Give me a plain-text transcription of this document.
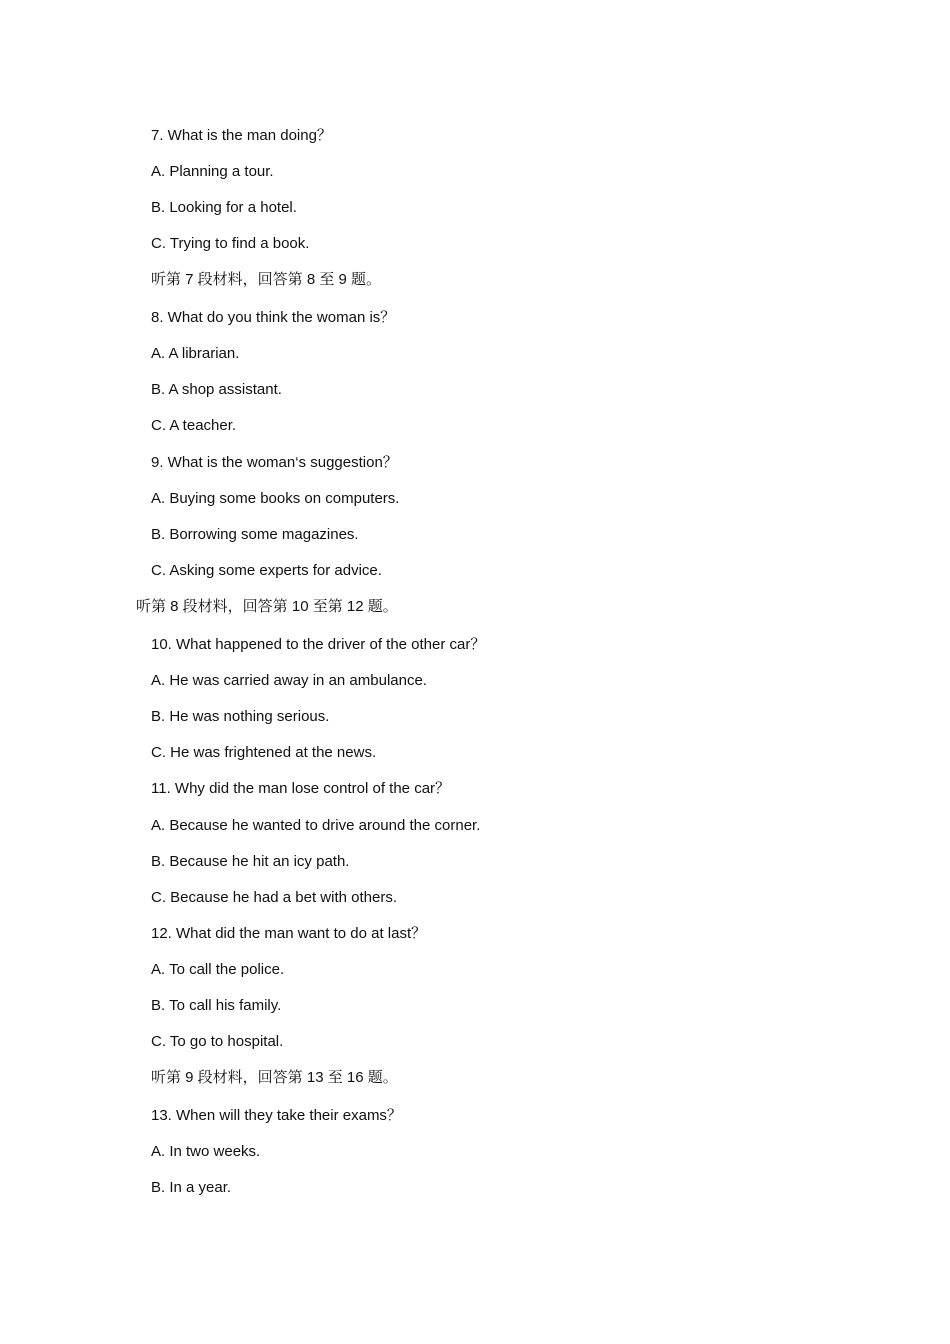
7. What is the man doing？
A. Planning a tour.
B. Looking for a hotel.
C. Trying to find a book.
听第 7 段材料，回答第 8 至 9 题。
8. What do you think the woman is？
A. A librarian.
B. A shop assistant.
C. A teacher.
9. What is the woman‘s suggestion？
A. Buying some books on computers.
B. Borrowing some magazines.
C. Asking some experts for advice.
听第 8 段材料，回答第 10 至第 12 题。
10. What happened to the driver of the other car？
A. He was carried away in an ambulance.
B. He was nothing serious.
C. He was frightened at the news.
11. Why did the man lose control of the car？
A. Because he wanted to drive around the corner.
B. Because he hit an icy path.
C. Because he had a bet with others.
12. What did the man want to do at last？
A. To call the police.
B. To call his family.
C. To go to hospital.
听第 9 段材料，回答第 13 至 16 题。
13. When will they take their exams？
A. In two weeks.
B. In a year.
